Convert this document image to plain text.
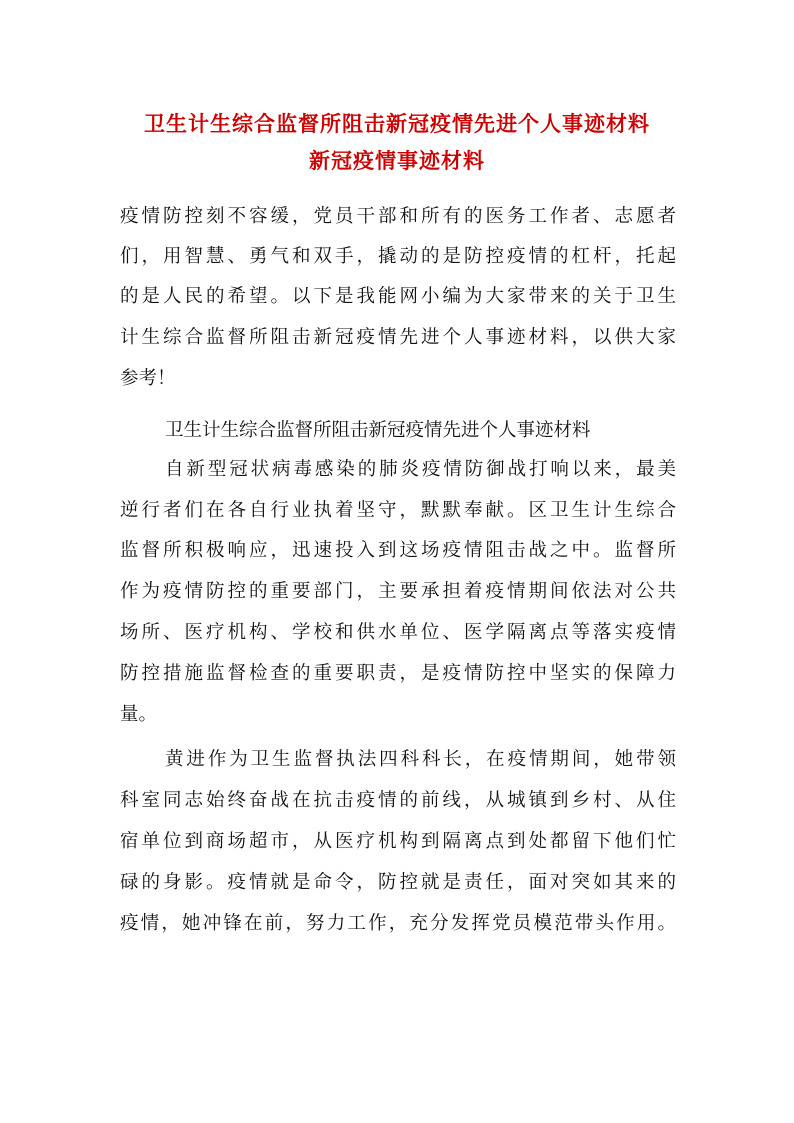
卫生计生综合监督所阻击新冠疫情先进个人事迹材料
新冠疫情事迹材料
疫情防控刻不容缓，党员干部和所有的医务工作者、志愿者
们，用智慧、勇气和双手，撬动的是防控疫情的杠杆，托起
的是人民的希望。以下是我能网小编为大家带来的关于卫生
计生综合监督所阻击新冠疫情先进个人事迹材料，以供大家
参考！
卫生计生综合监督所阻击新冠疫情先进个人事迹材料
自新型冠状病毒感染的肺炎疫情防御战打响以来，最美
逆行者们在各自行业执着坚守，默默奉献。区卫生计生综合
监督所积极响应，迅速投入到这场疫情阻击战之中。监督所
作为疫情防控的重要部门，主要承担着疫情期间依法对公共
场所、医疗机构、学校和供水单位、医学隔离点等落实疫情
防控措施监督检查的重要职责，是疫情防控中坚实的保障力
量。
黄进作为卫生监督执法四科科长，在疫情期间，她带领
科室同志始终奋战在抗击疫情的前线，从城镇到乡村、从住
宿单位到商场超市，从医疗机构到隔离点到处都留下他们忙
碌的身影。疫情就是命令，防控就是责任，面对突如其来的
疫情，她冲锋在前，努力工作，充分发挥党员模范带头作用。
